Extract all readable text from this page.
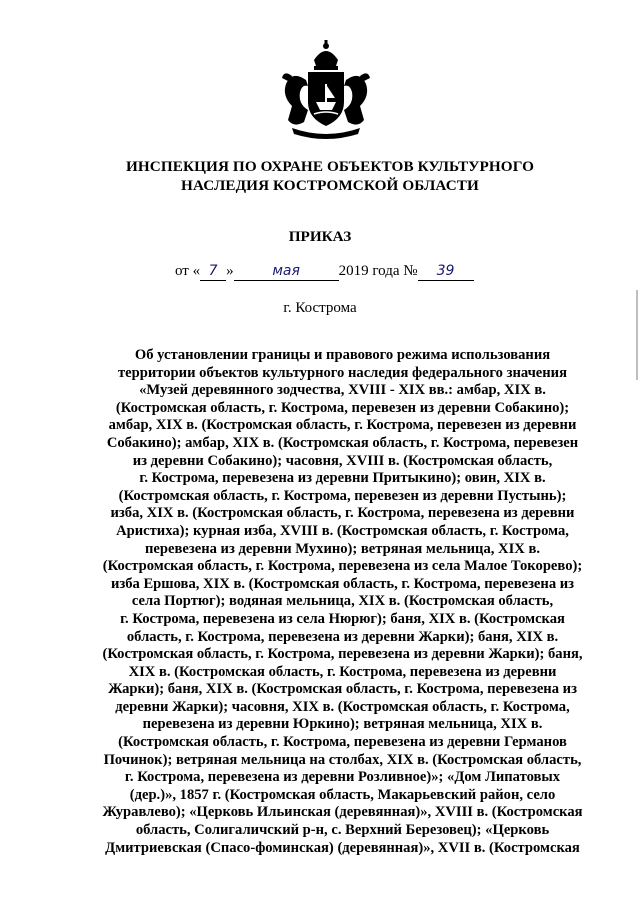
ИНСПЕКЦИЯ ПО ОХРАНЕ ОБЪЕКТОВ КУЛЬТУРНОГО
НАСЛЕДИЯ КОСТРОМСКОЙ ОБЛАСТИ
ПРИКАЗ
от « 7 »	мая	2019 года №	39
г. Кострома
Об установлении границы и правового режима использования
территории объектов культурного наследия федерального значения
«Музей деревянного зодчества, XVIII - XIX вв.: амбар, XIX в.
(Костромская область, г. Кострома, перевезен из деревни Собакино);
амбар, XIX в. (Костромская область, г. Кострома, перевезен из деревни
Собакино); амбар, XIX в. (Костромская область, г. Кострома, перевезен
из деревни Собакино); часовня, XVIII в. (Костромская область,
г. Кострома, перевезена из деревни Притыкино); овин, XIX в.
(Костромская область, г. Кострома, перевезен из деревни Пустынь);
изба, XIX в. (Костромская область, г. Кострома, перевезена из деревни
Аристиха); курная изба, XVIII в. (Костромская область, г. Кострома,
перевезена из деревни Мухино); ветряная мельница, XIX в.
(Костромская область, г. Кострома, перевезена из села Малое Токорево);
изба Ершова, XIX в. (Костромская область, г. Кострома, перевезена из
села Портюг); водяная мельница, XIX в. (Костромская область,
г. Кострома, перевезена из села Нюрюг); баня, XIX в. (Костромская
область, г. Кострома, перевезена из деревни Жарки); баня, XIX в.
(Костромская область, г. Кострома, перевезена из деревни Жарки); баня,
XIX в. (Костромская область, г. Кострома, перевезена из деревни
Жарки); баня, XIX в. (Костромская область, г. Кострома, перевезена из
деревни Жарки); часовня, XIX в. (Костромская область, г. Кострома,
перевезена из деревни Юркино); ветряная мельница, XIX в.
(Костромская область, г. Кострома, перевезена из деревни Германов
Починок); ветряная мельница на столбах, XIX в. (Костромская область,
г. Кострома, перевезена из деревни Розливное)»; «Дом Липатовых
(дер.)», 1857 г. (Костромская область, Макарьевский район, село
Журавлево); «Церковь Ильинская (деревянная)», XVIII в. (Костромская
область, Солигаличский р-н, с. Верхний Березовец); «Церковь
Дмитриевская (Спасо-фоминская) (деревянная)», XVII в. (Костромская
